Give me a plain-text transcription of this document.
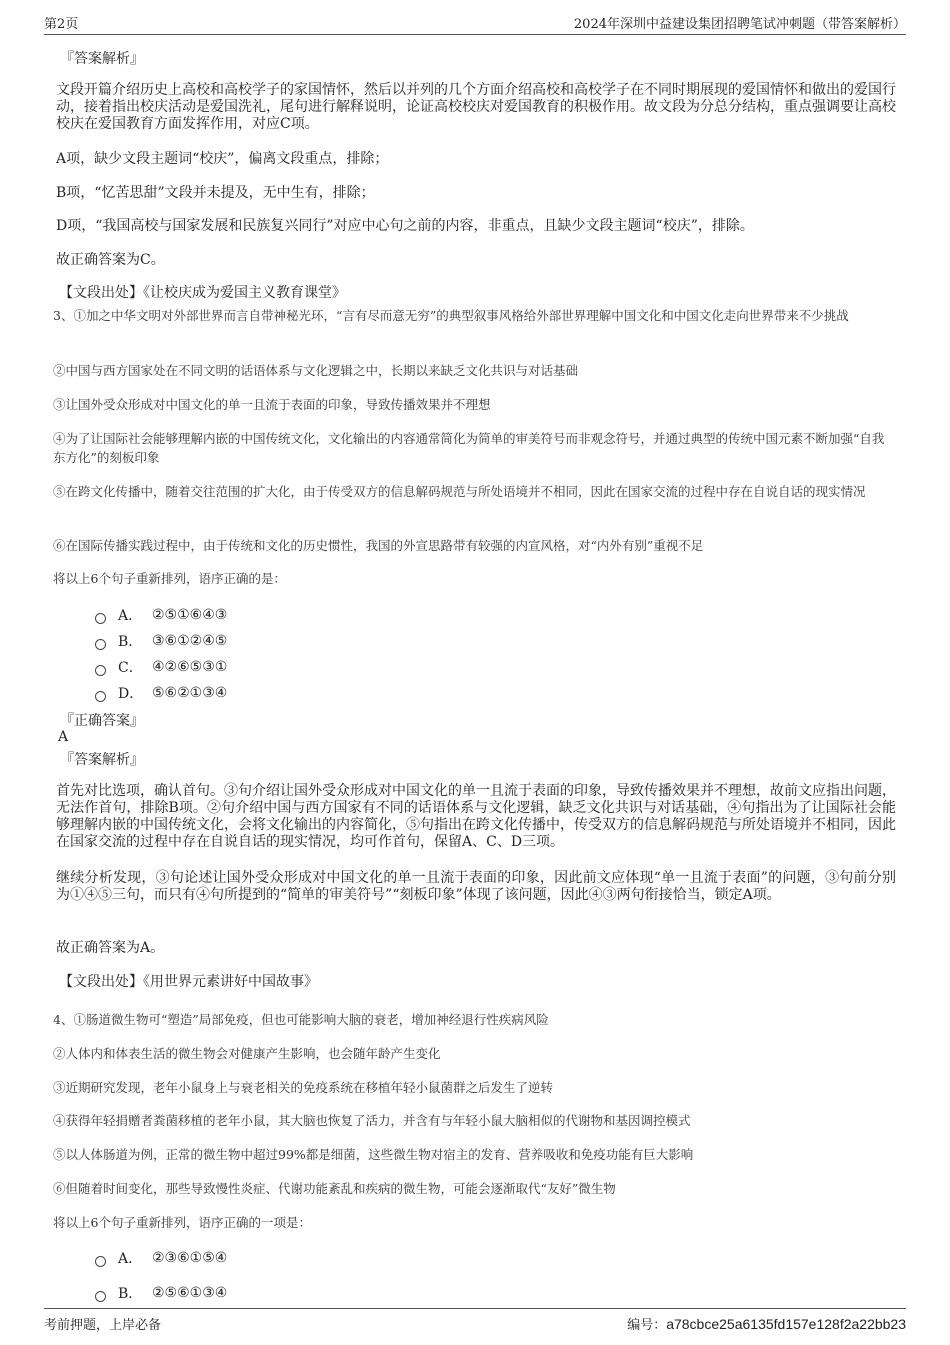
第2页	2024年深圳中益建设集团招聘笔试冲刺题（带答案解析）
『答案解析』
文段开篇介绍历史上高校和高校学子的家国情怀，然后以并列的几个方面介绍高校和高校学子在不同时期展现的爱国情怀和做出的爱国行动，接着指出校庆活动是爱国洗礼，尾句进行解释说明，论证高校校庆对爱国教育的积极作用。故文段为分总分结构，重点强调要让高校校庆在爱国教育方面发挥作用，对应C项。
A项，缺少文段主题词“校庆”，偏离文段重点，排除；
B项，“忆苦思甜”文段并未提及，无中生有，排除；
D项，“我国高校与国家发展和民族复兴同行”对应中心句之前的内容，非重点，且缺少文段主题词“校庆”，排除。
故正确答案为C。
【文段出处】《让校庆成为爱国主义教育课堂》
3、①加之中华文明对外部世界而言自带神秘光环，“言有尽而意无穷”的典型叙事风格给外部世界理解中国文化和中国文化走向世界带来不少挑战
②中国与西方国家处在不同文明的话语体系与文化逻辑之中，长期以来缺乏文化共识与对话基础
③让国外受众形成对中国文化的单一且流于表面的印象，导致传播效果并不理想
④为了让国际社会能够理解内嵌的中国传统文化，文化输出的内容通常简化为简单的审美符号而非观念符号，并通过典型的传统中国元素不断加强“自我东方化”的刻板印象
⑤在跨文化传播中，随着交往范围的扩大化，由于传受双方的信息解码规范与所处语境并不相同，因此在国家交流的过程中存在自说自话的现实情况
⑥在国际传播实践过程中，由于传统和文化的历史惯性，我国的外宣思路带有较强的内宣风格，对“内外有别”重视不足
将以上6个句子重新排列，语序正确的是：
A． ②⑤①⑥④③
B． ③⑥①②④⑤
C． ④②⑥⑤③①
D． ⑤⑥②①③④
『正确答案』
A
『答案解析』
首先对比选项，确认首句。③句介绍让国外受众形成对中国文化的单一且流于表面的印象，导致传播效果并不理想，故前文应指出问题，无法作首句，排除B项。②句介绍中国与西方国家有不同的话语体系与文化逻辑，缺乏文化共识与对话基础，④句指出为了让国际社会能够理解内嵌的中国传统文化，会将文化输出的内容简化，⑤句指出在跨文化传播中，传受双方的信息解码规范与所处语境并不相同，因此在国家交流的过程中存在自说自话的现实情况，均可作首句，保留A、C、D三项。
继续分析发现，③句论述让国外受众形成对中国文化的单一且流于表面的印象，因此前文应体现“单一且流于表面”的问题，③句前分别为①④⑤三句，而只有④句所提到的“简单的审美符号”“刻板印象”体现了该问题，因此④③两句衔接恰当，锁定A项。
故正确答案为A。
【文段出处】《用世界元素讲好中国故事》
4、①肠道微生物可“塑造”局部免疫，但也可能影响大脑的衰老，增加神经退行性疾病风险
②人体内和体表生活的微生物会对健康产生影响，也会随年龄产生变化
③近期研究发现，老年小鼠身上与衰老相关的免疫系统在移植年轻小鼠菌群之后发生了逆转
④获得年轻捐赠者粪菌移植的老年小鼠，其大脑也恢复了活力，并含有与年轻小鼠大脑相似的代谢物和基因调控模式
⑤以人体肠道为例，正常的微生物中超过99%都是细菌，这些微生物对宿主的发育、营养吸收和免疫功能有巨大影响
⑥但随着时间变化，那些导致慢性炎症、代谢功能紊乱和疾病的微生物，可能会逐渐取代“友好”微生物
将以上6个句子重新排列，语序正确的一项是：
A． ②③⑥①⑤④
B． ②⑤⑥①③④
考前押题，上岸必备	编号：a78cbce25a6135fd157e128f2a22bb23
